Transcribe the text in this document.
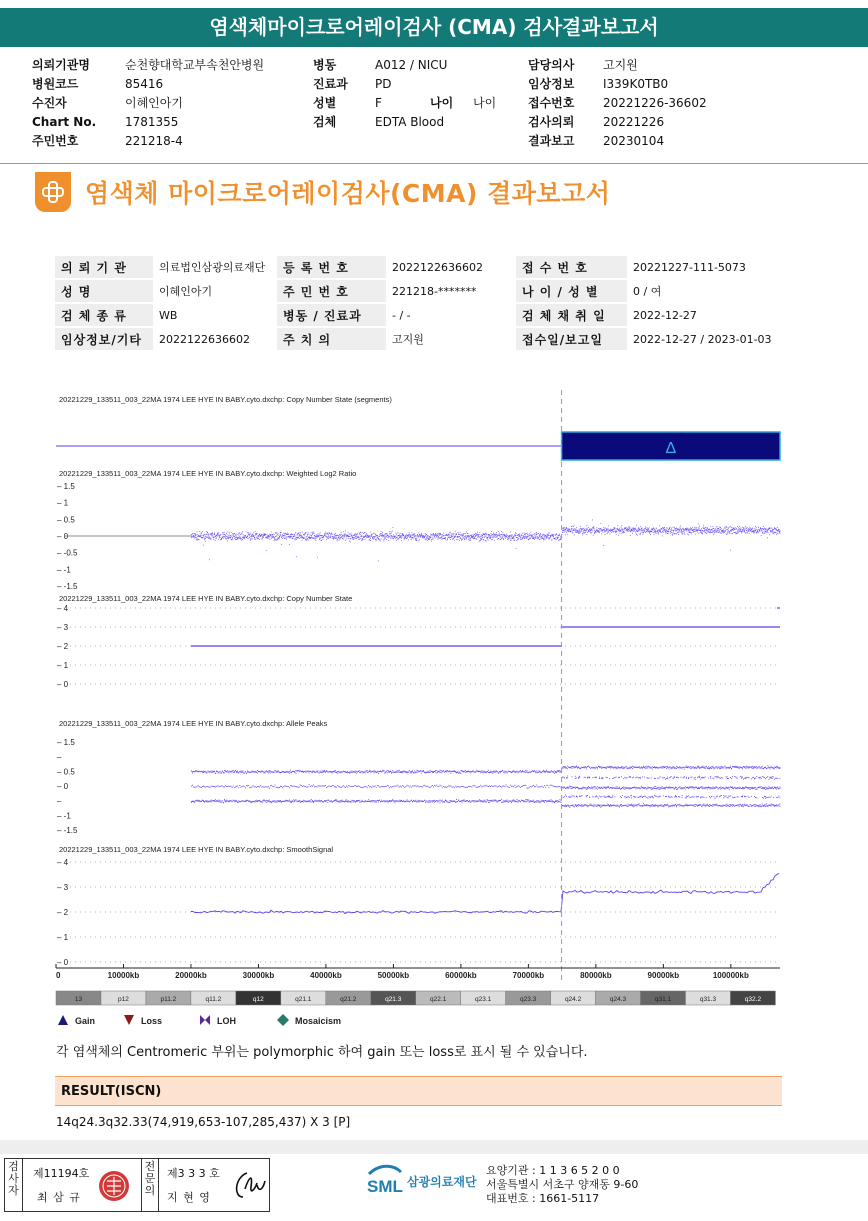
염색체마이크로어레이검사 (CMA) 검사결과보고서
의뢰기관명	순천향대학교부속천안병원
병원코드	85416
수진자	이혜인아기
Chart No.	1781355
주민번호	221218-4
병동	A012 / NICU
진료과	PD
성별	F	나이	나이
검체	EDTA Blood
담당의사	고지원
임상정보	I339K0TB0
접수번호	20221226-36602
검사의뢰	20221226
결과보고	20230104
염색체 마이크로어레이검사(CMA) 결과보고서
의 뢰 기 관	의료법인삼광의료재단	등 록 번 호	2022122636602	접 수 번 호	20221227-111-5073
성 명	이혜인아기	주 민 번 호	221218-*******	나 이 / 성 별	0 / 여
검 체 종 류	WB	병동 / 진료과	- / -	검 체 채 취 일	2022-12-27
임상정보/기타	2022122636602	주 치 의	고지원	접수일/보고일	2022-12-27 / 2023-01-03
20221229_133511_003_22MA 1974 LEE HYE IN BABY.cyto.dxchp: Copy Number State (segments)
Δ
20221229_133511_003_22MA 1974 LEE HYE IN BABY.cyto.dxchp: Weighted Log2 Ratio
– 1.5
– 1
– 0.5
– 0
– -0.5
– -1
– -1.5
20221229_133511_003_22MA 1974 LEE HYE IN BABY.cyto.dxchp: Copy Number State
– 4
– 3
– 2
– 1
– 0
20221229_133511_003_22MA 1974 LEE HYE IN BABY.cyto.dxchp: Allele Peaks
– 1.5
–
– 0.5
– 0
–
– -1
– -1.5
20221229_133511_003_22MA 1974 LEE HYE IN BABY.cyto.dxchp: SmoothSignal
– 4
– 3
– 2
– 1
– 0
0	10000kb	20000kb	30000kb	40000kb	50000kb	60000kb	70000kb	80000kb	90000kb	100000kb
13	p12	p11.2	q11.2	q12	q21.1	q21.2	q21.3	q22.1	q23.1	q23.3	q24.2	q24.3	q31.1	q31.3	q32.2
Gain	Loss	LOH	Mosaicism
각 염색체의 Centromeric 부위는 polymorphic 하여 gain 또는 loss로 표시 될 수 있습니다.
RESULT(ISCN)
14q24.3q32.33(74,919,653-107,285,437) X 3 [P]
검사자
제11194호
최 삼 규
전문의
제3 3 3 호
지 현 영
SML 삼광의료재단
요양기관 : 1 1 3 6 5 2 0 0
서울특별시 서초구 양재동 9-60
대표번호 : 1661-5117
